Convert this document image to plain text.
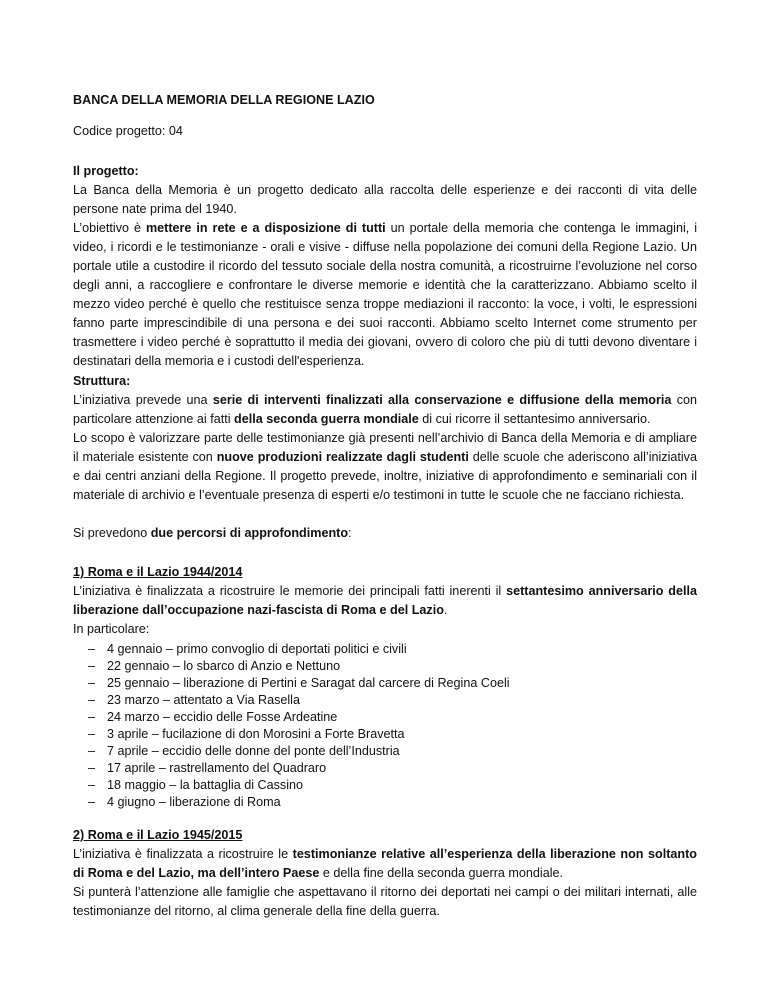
BANCA DELLA MEMORIA DELLA REGIONE LAZIO

Codice progetto: 04

Il progetto:

La Banca della Memoria è un progetto dedicato alla raccolta delle esperienze e dei racconti di vita delle persone nate prima del 1940.

L’obiettivo è mettere in rete e a disposizione di tutti un portale della memoria che contenga le immagini, i video, i ricordi e le testimonianze - orali e visive - diffuse nella popolazione dei comuni della Regione Lazio. Un portale utile a custodire il ricordo del tessuto sociale della nostra comunità, a ricostruirne l’evoluzione nel corso degli anni, a raccogliere e confrontare le diverse memorie e identità che la caratterizzano. Abbiamo scelto il mezzo video perché è quello che restituisce senza troppe mediazioni il racconto: la voce, i volti, le espressioni fanno parte imprescindibile di una persona e dei suoi racconti. Abbiamo scelto Internet come strumento per trasmettere i video perché è soprattutto il media dei giovani, ovvero di coloro che più di tutti devono diventare i destinatari della memoria e i custodi dell'esperienza.

Struttura:

L’iniziativa prevede una serie di interventi finalizzati alla conservazione e diffusione della memoria con particolare attenzione ai fatti della seconda guerra mondiale di cui ricorre il settantesimo anniversario.

Lo scopo è valorizzare parte delle testimonianze già presenti nell’archivio di Banca della Memoria e di ampliare il materiale esistente con nuove produzioni realizzate dagli studenti delle scuole che aderiscono all’iniziativa e dai centri anziani della Regione. Il progetto prevede, inoltre, iniziative di approfondimento e seminariali con il materiale di archivio e l’eventuale presenza di esperti e/o testimoni in tutte le scuole che ne facciano richiesta.

Si prevedono due percorsi di approfondimento:

1) Roma e il Lazio 1944/2014

L’iniziativa è finalizzata a ricostruire le memorie dei principali fatti inerenti il settantesimo anniversario della liberazione dall’occupazione nazi-fascista di Roma e del Lazio.

In particolare:

– 4 gennaio – primo convoglio di deportati politici e civili
– 22 gennaio – lo sbarco di Anzio e Nettuno
– 25 gennaio – liberazione di Pertini e Saragat dal carcere di Regina Coeli
– 23 marzo – attentato a Via Rasella
– 24 marzo – eccidio delle Fosse Ardeatine
– 3 aprile – fucilazione di don Morosini a Forte Bravetta
– 7 aprile – eccidio delle donne del ponte dell’Industria
– 17 aprile – rastrellamento del Quadraro
– 18 maggio – la battaglia di Cassino
– 4 giugno – liberazione di Roma

2) Roma e il Lazio 1945/2015

L’iniziativa è finalizzata a ricostruire le testimonianze relative all’esperienza della liberazione non soltanto di Roma e del Lazio, ma dell’intero Paese e della fine della seconda guerra mondiale.

Si punterà l’attenzione alle famiglie che aspettavano il ritorno dei deportati nei campi o dei militari internati, alle testimonianze del ritorno, al clima generale della fine della guerra.
